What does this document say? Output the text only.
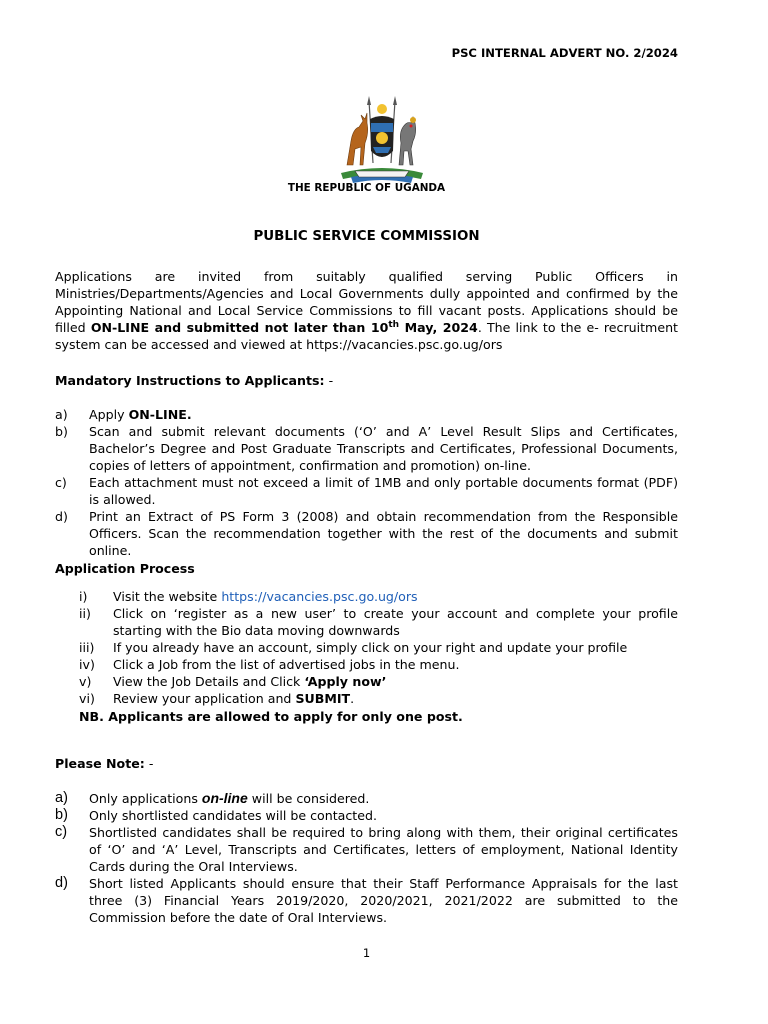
PSC INTERNAL ADVERT NO. 2/2024
THE REPUBLIC OF UGANDA
PUBLIC SERVICE COMMISSION
Applications are invited from suitably qualified serving Public Officers in Ministries/Departments/Agencies and Local Governments dully appointed and confirmed by the Appointing National and Local Service Commissions to fill vacant posts. Applications should be filled ON-LINE and submitted not later than 10th May, 2024. The link to the e- recruitment system can be accessed and viewed at https://vacancies.psc.go.ug/ors
Mandatory Instructions to Applicants: -
a) Apply ON-LINE.
b) Scan and submit relevant documents (‘O’ and A’ Level Result Slips and Certificates, Bachelor’s Degree and Post Graduate Transcripts and Certificates, Professional Documents, copies of letters of appointment, confirmation and promotion) on-line.
c) Each attachment must not exceed a limit of 1MB and only portable documents format (PDF) is allowed.
d) Print an Extract of PS Form 3 (2008) and obtain recommendation from the Responsible Officers. Scan the recommendation together with the rest of the documents and submit online.
Application Process
i) Visit the website https://vacancies.psc.go.ug/ors
ii) Click on ‘register as a new user’ to create your account and complete your profile starting with the Bio data moving downwards
iii) If you already have an account, simply click on your right and update your profile
iv) Click a Job from the list of advertised jobs in the menu.
v) View the Job Details and Click ‘Apply now’
vi) Review your application and SUBMIT.
NB. Applicants are allowed to apply for only one post.
Please Note: -
a) Only applications on-line will be considered.
b) Only shortlisted candidates will be contacted.
c) Shortlisted candidates shall be required to bring along with them, their original certificates of ‘O’ and ‘A’ Level, Transcripts and Certificates, letters of employment, National Identity Cards during the Oral Interviews.
d) Short listed Applicants should ensure that their Staff Performance Appraisals for the last three (3) Financial Years 2019/2020, 2020/2021, 2021/2022 are submitted to the Commission before the date of Oral Interviews.
1
